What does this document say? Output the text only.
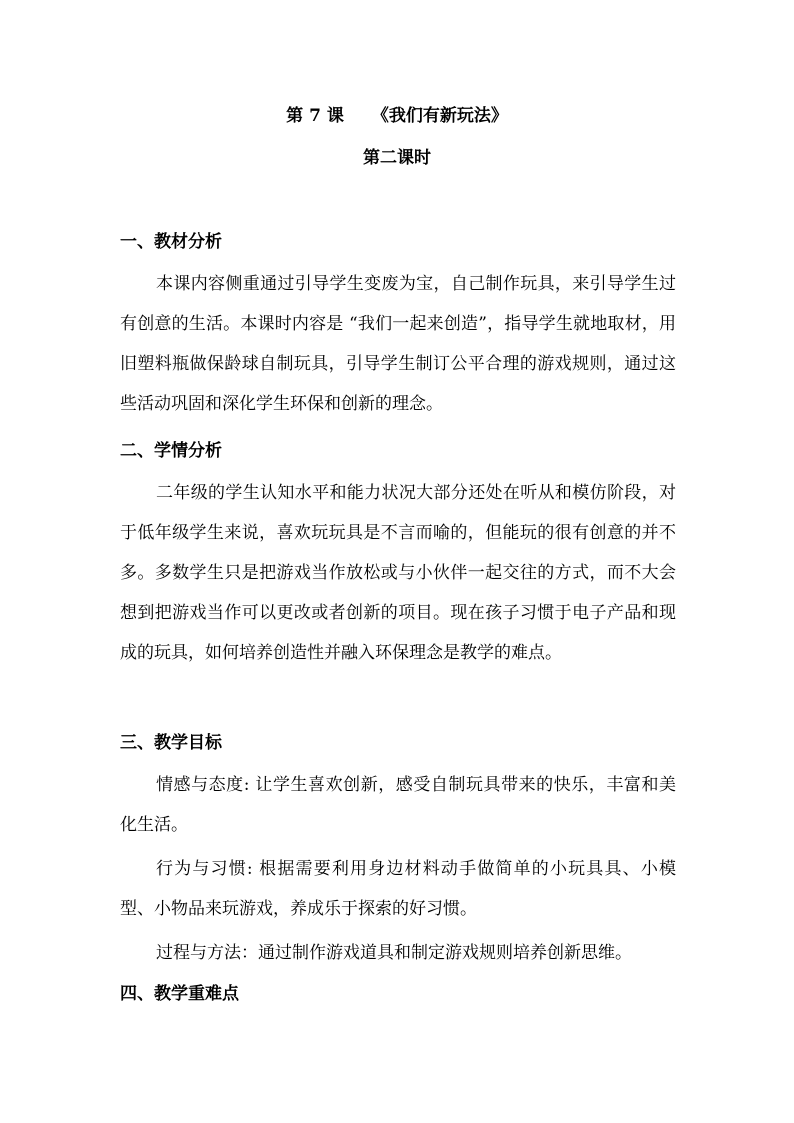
第 7 课 《我们有新玩法》
第二课时
一、教材分析

本课内容侧重通过引导学生变废为宝，自己制作玩具，来引导学生过有创意的生活。本课时内容是 “我们一起来创造”，指导学生就地取材，用旧塑料瓶做保龄球自制玩具，引导学生制订公平合理的游戏规则，通过这些活动巩固和深化学生环保和创新的理念。

二、学情分析

二年级的学生认知水平和能力状况大部分还处在听从和模仿阶段，对于低年级学生来说，喜欢玩玩具是不言而喻的，但能玩的很有创意的并不多。多数学生只是把游戏当作放松或与小伙伴一起交往的方式，而不大会想到把游戏当作可以更改或者创新的项目。现在孩子习惯于电子产品和现成的玩具，如何培养创造性并融入环保理念是教学的难点。

三、教学目标

情感与态度: 让学生喜欢创新，感受自制玩具带来的快乐，丰富和美化生活。

行为与习惯: 根据需要利用身边材料动手做简单的小玩具具、小模型、小物品来玩游戏，养成乐于探索的好习惯。

过程与方法：通过制作游戏道具和制定游戏规则培养创新思维。

四、教学重难点
